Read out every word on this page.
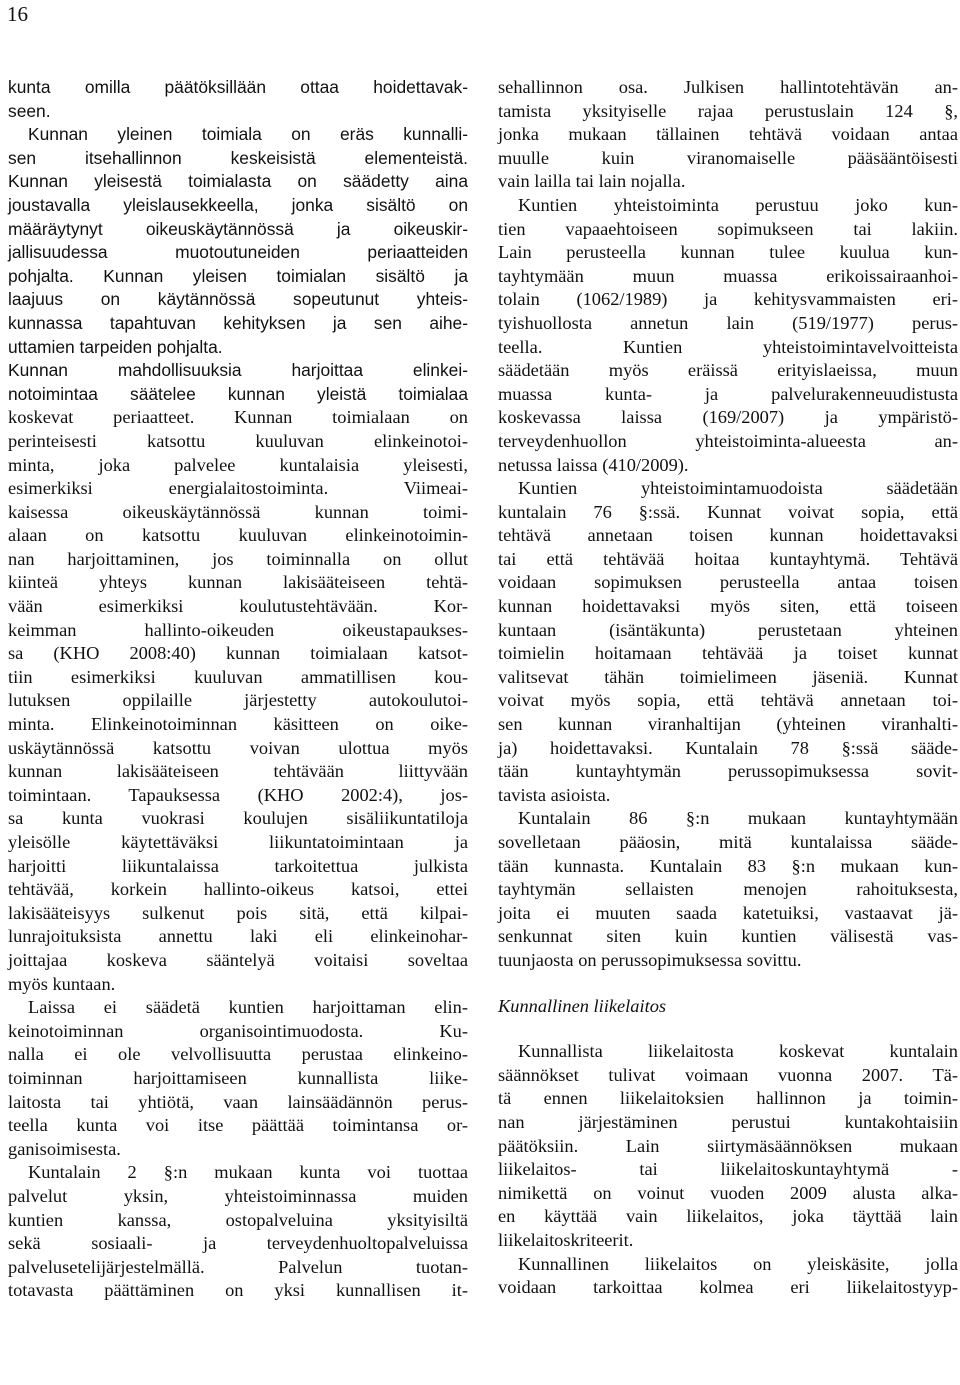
16
kunta omilla päätöksillään ottaa hoidettavak-
seen.
Kunnan yleinen toimiala on eräs kunnalli-
sen itsehallinnon keskeisistä elementeistä.
Kunnan yleisestä toimialasta on säädetty aina
joustavalla yleislausekkeella, jonka sisältö on
määräytynyt oikeuskäytännössä ja oikeuskir-
jallisuudessa muotoutuneiden periaatteiden
pohjalta. Kunnan yleisen toimialan sisältö ja
laajuus on käytännössä sopeutunut yhteis-
kunnassa tapahtuvan kehityksen ja sen aihe-
uttamien tarpeiden pohjalta.
Kunnan mahdollisuuksia harjoittaa elinkei-
notoimintaa säätelee kunnan yleistä toimialaa
koskevat periaatteet. Kunnan toimialaan on
perinteisesti katsottu kuuluvan elinkeinotoi-
minta, joka palvelee kuntalaisia yleisesti,
esimerkiksi energialaitostoiminta. Viimeai-
kaisessa oikeuskäytännössä kunnan toimi-
alaan on katsottu kuuluvan elinkeinotoimin-
nan harjoittaminen, jos toiminnalla on ollut
kiinteä yhteys kunnan lakisääteiseen tehtä-
vään esimerkiksi koulutustehtävään. Kor-
keimman hallinto-oikeuden oikeustapaukses-
sa (KHO 2008:40) kunnan toimialaan katsot-
tiin esimerkiksi kuuluvan ammatillisen kou-
lutuksen oppilaille järjestetty autokoulutoi-
minta. Elinkeinotoiminnan käsitteen on oike-
uskäytännössä katsottu voivan ulottua myös
kunnan lakisääteiseen tehtävään liittyvään
toimintaan. Tapauksessa (KHO 2002:4), jos-
sa kunta vuokrasi koulujen sisäliikuntatiloja
yleisölle käytettäväksi liikuntatoimintaan ja
harjoitti liikuntalaissa tarkoitettua julkista
tehtävää, korkein hallinto-oikeus katsoi, ettei
lakisääteisyys sulkenut pois sitä, että kilpai-
lunrajoituksista annettu laki eli elinkeinohar-
joittajaa koskeva sääntelyä voitaisi soveltaa
myös kuntaan.
Laissa ei säädetä kuntien harjoittaman elin-
keinotoiminnan organisointimuodosta. Ku-
nalla ei ole velvollisuutta perustaa elinkeino-
toiminnan harjoittamiseen kunnallista liike-
laitosta tai yhtiötä, vaan lainsäädännön perus-
teella kunta voi itse päättää toimintansa or-
ganisoimisesta.
Kuntalain 2 §:n mukaan kunta voi tuottaa
palvelut yksin, yhteistoiminnassa muiden
kuntien kanssa, ostopalveluina yksityisiltä
sekä sosiaali- ja terveydenhuoltopalveluissa
palvelusetelijärjestelmällä. Palvelun tuotan-
totavasta päättäminen on yksi kunnallisen it-
sehallinnon osa. Julkisen hallintotehtävän an-
tamista yksityiselle rajaa perustuslain 124 §,
jonka mukaan tällainen tehtävä voidaan antaa
muulle kuin viranomaiselle pääsääntöisesti
vain lailla tai lain nojalla.
Kuntien yhteistoiminta perustuu joko kun-
tien vapaaehtoiseen sopimukseen tai lakiin.
Lain perusteella kunnan tulee kuulua kun-
tayhtymään muun muassa erikoissairaanhoi-
tolain (1062/1989) ja kehitysvammaisten eri-
tyishuollosta annetun lain (519/1977) perus-
teella. Kuntien yhteistoimintavelvoitteista
säädetään myös eräissä erityislaeissa, muun
muassa kunta- ja palvelurakenneuudistusta
koskevassa laissa (169/2007) ja ympäristö-
terveydenhuollon yhteistoiminta-alueesta an-
netussa laissa (410/2009).
Kuntien yhteistoimintamuodoista säädetään
kuntalain 76 §:ssä. Kunnat voivat sopia, että
tehtävä annetaan toisen kunnan hoidettavaksi
tai että tehtävää hoitaa kuntayhtymä. Tehtävä
voidaan sopimuksen perusteella antaa toisen
kunnan hoidettavaksi myös siten, että toiseen
kuntaan (isäntäkunta) perustetaan yhteinen
toimielin hoitamaan tehtävää ja toiset kunnat
valitsevat tähän toimielimeen jäseniä. Kunnat
voivat myös sopia, että tehtävä annetaan toi-
sen kunnan viranhaltijan (yhteinen viranhalti-
ja) hoidettavaksi. Kuntalain 78 §:ssä sääde-
tään kuntayhtymän perussopimuksessa sovit-
tavista asioista.
Kuntalain 86 §:n mukaan kuntayhtymään
sovelletaan pääosin, mitä kuntalaissa sääde-
tään kunnasta. Kuntalain 83 §:n mukaan kun-
tayhtymän sellaisten menojen rahoituksesta,
joita ei muuten saada katetuiksi, vastaavat jä-
senkunnat siten kuin kuntien välisestä vas-
tuunjaosta on perussopimuksessa sovittu.
Kunnallinen liikelaitos
Kunnallista liikelaitosta koskevat kuntalain
säännökset tulivat voimaan vuonna 2007. Tä-
tä ennen liikelaitoksien hallinnon ja toimin-
nan järjestäminen perustui kuntakohtaisiin
päätöksiin. Lain siirtymäsäännöksen mukaan
liikelaitos- tai liikelaitoskuntayhtymä -
nimikettä on voinut vuoden 2009 alusta alka-
en käyttää vain liikelaitos, joka täyttää lain
liikelaitoskriteerit.
Kunnallinen liikelaitos on yleiskäsite, jolla
voidaan tarkoittaa kolmea eri liikelaitostyyp-
